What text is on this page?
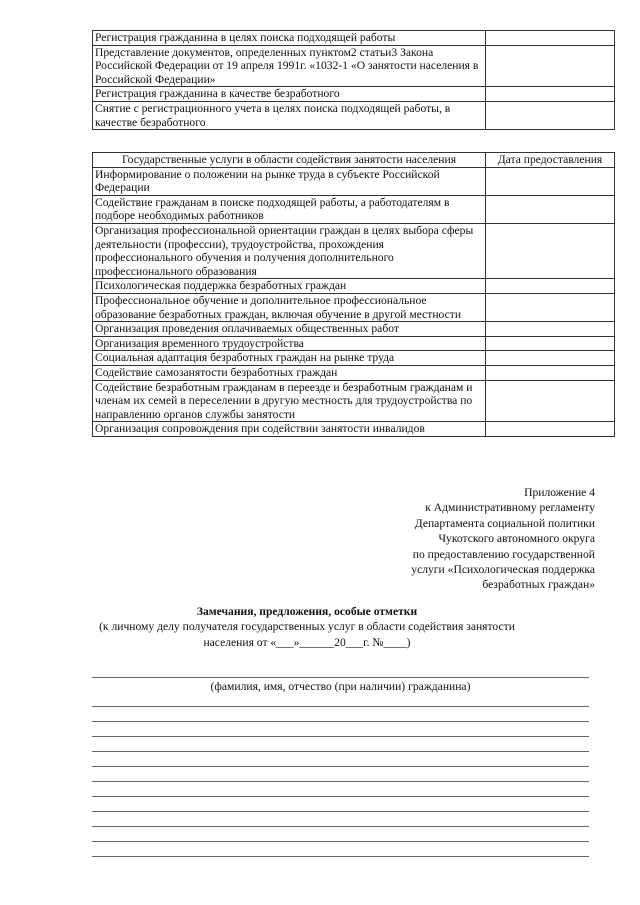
Регистрация гражданина в целях поиска подходящей работы	
Представление документов, определенных пунктом2 статьи3 Закона Российской Федерации от 19 апреля 1991г. «1032-1 «О занятости населения в Российской Федерации»	
Регистрация гражданина в качестве безработного	
Снятие с регистрационного учета в целях поиска подходящей работы, в качестве безработного	
Государственные услуги в области содействия занятости населения	Дата предоставления
Информирование о положении на рынке труда в субъекте Российской Федерации	
Содействие гражданам в поиске подходящей работы, а работодателям в подборе необходимых работников	
Организация профессиональной ориентации граждан в целях выбора сферы деятельности (профессии), трудоустройства, прохождения профессионального обучения и получения дополнительного профессионального образования	
Психологическая поддержка безработных граждан	
Профессиональное обучение и дополнительное профессиональное образование безработных граждан, включая обучение в другой местности	
Организация проведения оплачиваемых общественных работ	
Организация временного трудоустройства	
Социальная адаптация безработных граждан на рынке труда	
Содействие самозанятости безработных граждан	
Содействие безработным гражданам в переезде и безработным гражданам и членам их семей в переселении в другую местность для трудоустройства по направлению органов службы занятости	
Организация сопровождения при содействии занятости инвалидов	
Приложение 4
к Административному регламенту
Департамента социальной политики
Чукотского автономного округа
по предоставлению государственной
услуги «Психологическая поддержка
безработных граждан»
Замечания, предложения, особые отметки
(к личному делу получателя государственных услуг в области содействия занятости
населения от «___»______20___г. №____)
(фамилия, имя, отчество (при наличии) гражданина)
